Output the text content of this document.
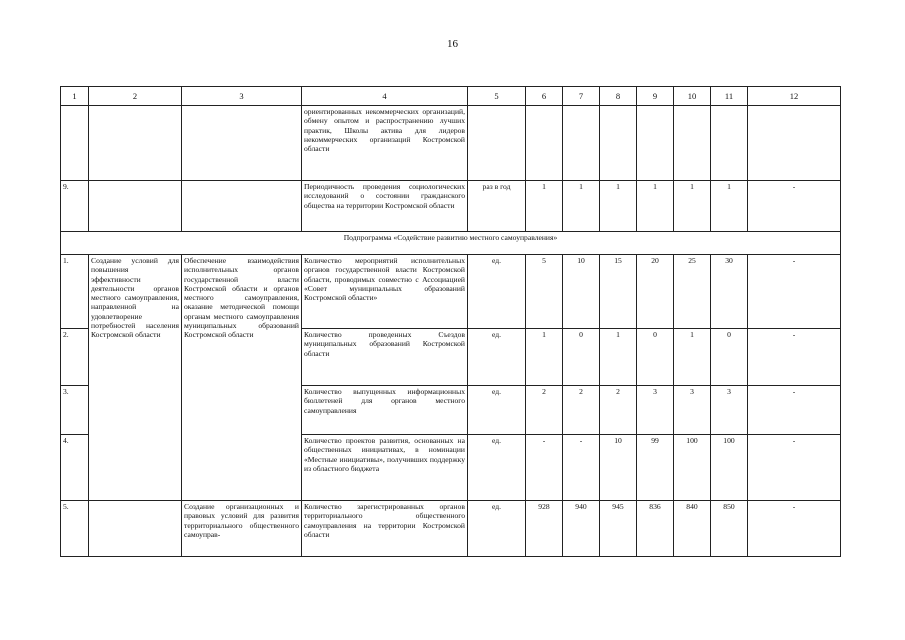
16
1	2	3	4	5	6	7	8	9	10	11	12
			ориентированных некоммерческих организаций, обмену опытом и распространению лучших практик, Школы актива для лидеров некоммерческих организаций Костромской области								
9.			Периодичность проведения социологических исследований о состоянии гражданского общества на территории Костромской области	раз в год	1	1	1	1	1	1	-
Подпрограмма «Содействие развитию местного самоуправления»											
1.	Создание условий для повышения эффективности деятельности органов местного самоуправления, направленной на удовлетворение потребностей населения Костромской области	Обеспечение взаимодействия исполнительных органов государственной власти Костромской области и органов местного самоуправления, оказание методической помощи органам местного самоуправления муниципальных образований Костромской области	Количество мероприятий исполнительных органов государственной власти Костромской области, проводимых совместно с Ассоциацией «Совет муниципальных образований Костромской области»	ед.	5	10	15	20	25	30	-
2.			Количество проведенных Съездов муниципальных образований Костромской области	ед.	1	0	1	0	1	0	-
3.			Количество выпущенных информационных бюллетеней для органов местного самоуправления	ед.	2	2	2	3	3	3	-
4.			Количество проектов развития, основанных на общественных инициативах, в номинации «Местные инициативы», получивших поддержку из областного бюджета	ед.	-	-	10	99	100	100	-
5.		Создание организационных и правовых условий для развития территориального общественного самоуправ-	Количество зарегистрированных органов территориального общественного самоуправления на территории Костромской области	ед.	928	940	945	836	840	850	-
